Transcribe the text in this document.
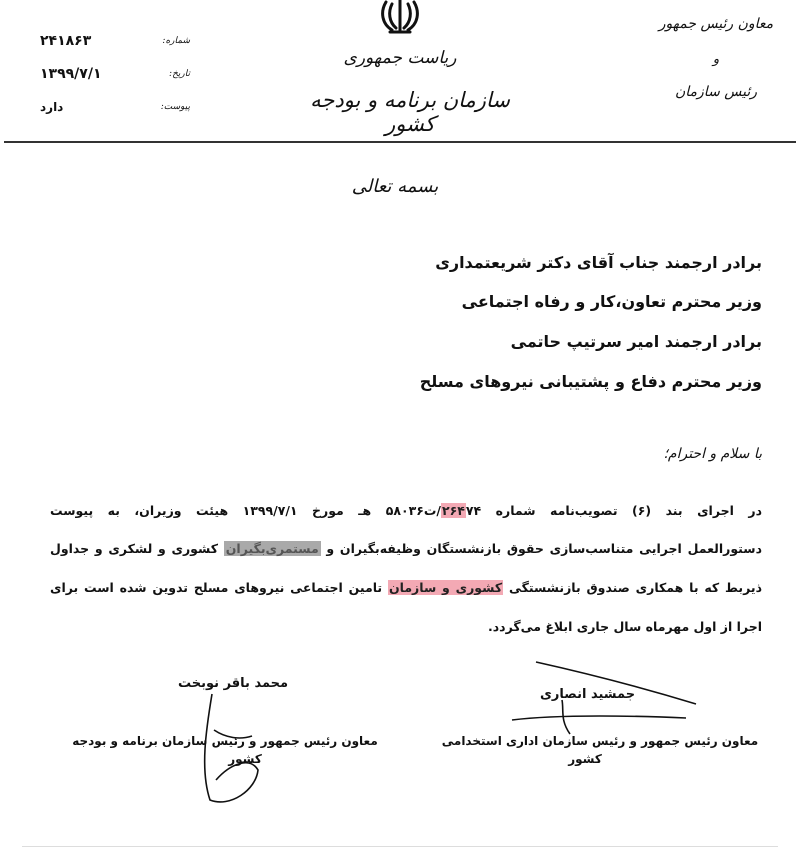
۲۴۱۸۶۳	شماره:
۱۳۹۹/۷/۱	تاریخ:
دارد	پیوست:
ریاست جمهوری
سازمان برنامه و بودجه کشور
معاون رئیس جمهور
و
رئیس سازمان
بسمه تعالی
برادر ارجمند جناب آقای دکتر شریعتمداری
وزیر محترم تعاون،کار و رفاه اجتماعی
برادر ارجمند امیر سرتیپ حاتمی
وزیر محترم دفاع و پشتیبانی نیروهای مسلح
با سلام و احترام؛
در اجرای بند (۶) تصویب‌نامه شماره ۲۶۴۷۴/ت۵۸۰۳۶ هـ مورخ ۱۳۹۹/۷/۱ هیئت وزیران، به پیوست
دستورالعمل اجرایی متناسب‌سازی حقوق بازنشستگان وظیفه‌بگیران و مستمری‌بگیران کشوری و لشکری و جداول
ذیربط که با همکاری صندوق بازنشستگی کشوری و سازمان تامین اجتماعی نیروهای مسلح تدوین شده است برای
اجرا از اول مهرماه سال جاری ابلاغ می‌گردد.
جمشید انصاری
معاون رئیس جمهور و رئیس سازمان اداری استخدامی
کشور
محمد باقر نوبخت
معاون رئیس جمهور و رئیس سازمان برنامه و بودجه
کشور
